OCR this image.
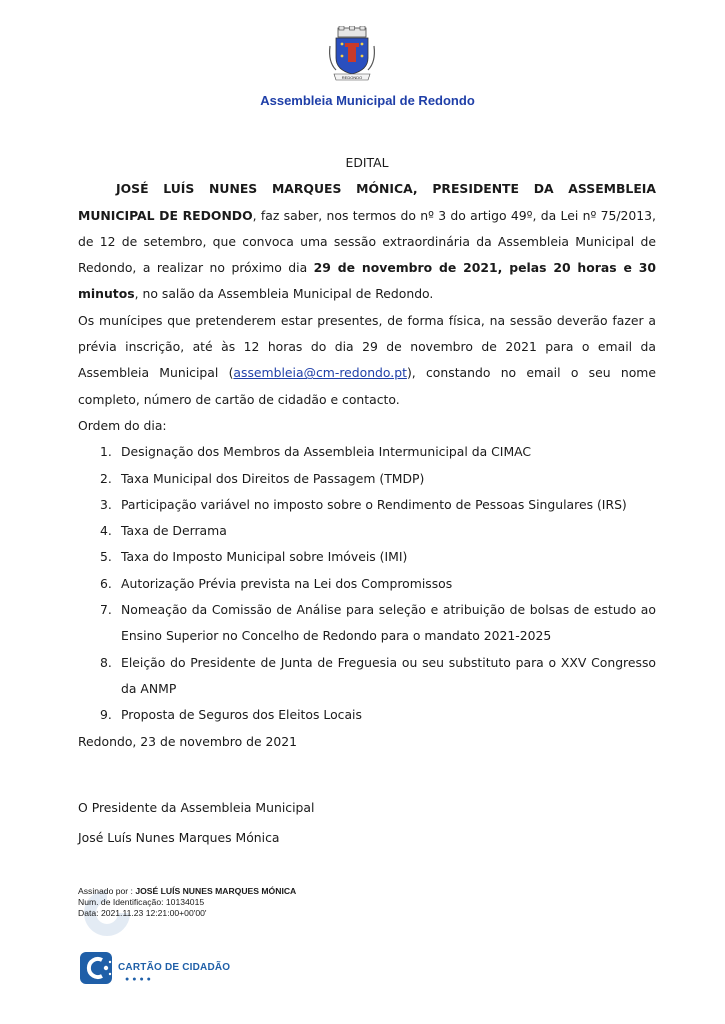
REDONDO
Assembleia Municipal de Redondo

EDITAL

JOSÉ LUÍS NUNES MARQUES MÓNICA, PRESIDENTE DA ASSEMBLEIA MUNICIPAL DE REDONDO, faz saber, nos termos do nº 3 do artigo 49º, da Lei nº 75/2013, de 12 de setembro, que convoca uma sessão extraordinária da Assembleia Municipal de Redondo, a realizar no próximo dia 29 de novembro de 2021, pelas 20 horas e 30 minutos, no salão da Assembleia Municipal de Redondo.

Os munícipes que pretenderem estar presentes, de forma física, na sessão deverão fazer a prévia inscrição, até às 12 horas do dia 29 de novembro de 2021 para o email da Assembleia Municipal (assembleia@cm-redondo.pt), constando no email o seu nome completo, número de cartão de cidadão e contacto.

Ordem do dia:

1. Designação dos Membros da Assembleia Intermunicipal da CIMAC
2. Taxa Municipal dos Direitos de Passagem (TMDP)
3. Participação variável no imposto sobre o Rendimento de Pessoas Singulares (IRS)
4. Taxa de Derrama
5. Taxa do Imposto Municipal sobre Imóveis (IMI)
6. Autorização Prévia prevista na Lei dos Compromissos
7. Nomeação da Comissão de Análise para seleção e atribuição de bolsas de estudo ao Ensino Superior no Concelho de Redondo para o mandato 2021-2025
8. Eleição do Presidente de Junta de Freguesia ou seu substituto para o XXV Congresso da ANMP
9. Proposta de Seguros dos Eleitos Locais

Redondo, 23 de novembro de 2021

O Presidente da Assembleia Municipal

José Luís Nunes Marques Mónica

Assinado por : JOSÉ LUÍS NUNES MARQUES MÓNICA
Num. de Identificação: 10134015
Data: 2021.11.23 12:21:00+00'00'
CARTÃO DE CIDADÃO
●●●●
